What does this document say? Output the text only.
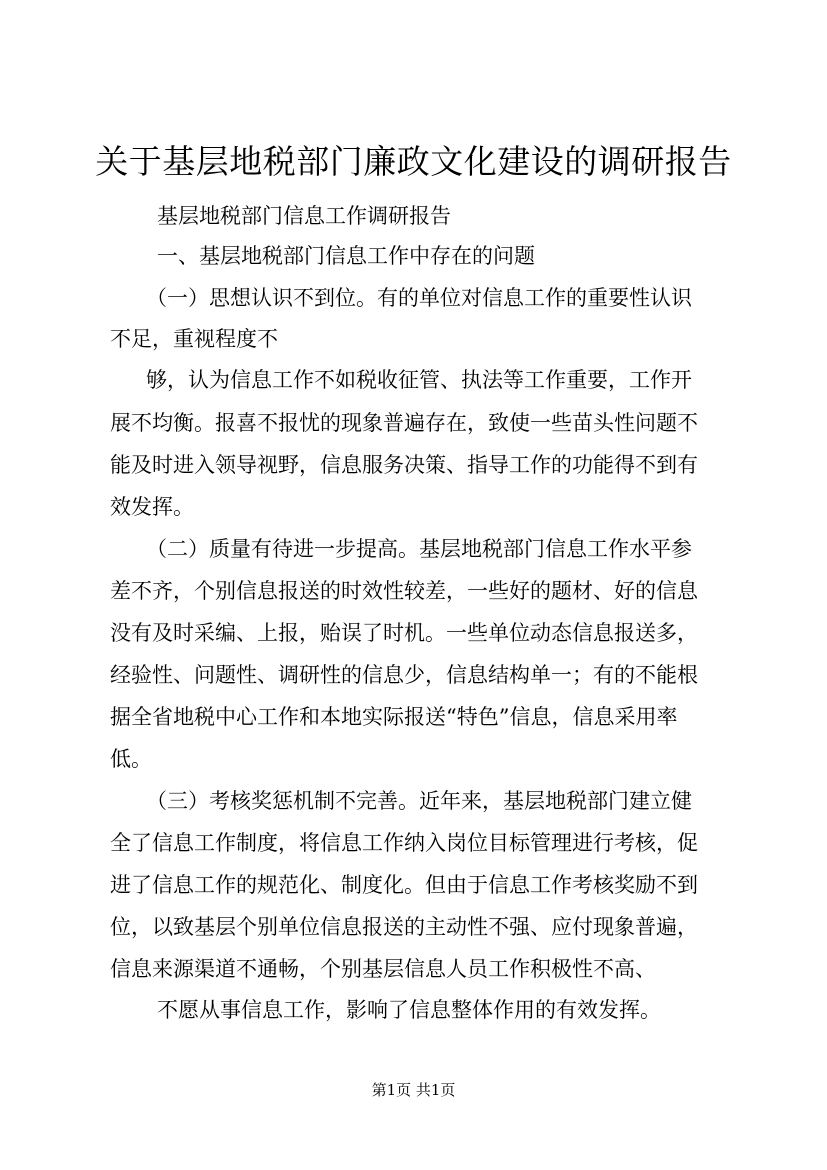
关于基层地税部门廉政文化建设的调研报告
基层地税部门信息工作调研报告
一、基层地税部门信息工作中存在的问题
（一）思想认识不到位。有的单位对信息工作的重要性认识
不足，重视程度不
够，认为信息工作不如税收征管、执法等工作重要，工作开
展不均衡。报喜不报忧的现象普遍存在，致使一些苗头性问题不
能及时进入领导视野，信息服务决策、指导工作的功能得不到有
效发挥。
（二）质量有待进一步提高。基层地税部门信息工作水平参
差不齐，个别信息报送的时效性较差，一些好的题材、好的信息
没有及时采编、上报，贻误了时机。一些单位动态信息报送多，
经验性、问题性、调研性的信息少，信息结构单一；有的不能根
据全省地税中心工作和本地实际报送“特色”信息，信息采用率
低。
（三）考核奖惩机制不完善。近年来，基层地税部门建立健
全了信息工作制度，将信息工作纳入岗位目标管理进行考核，促
进了信息工作的规范化、制度化。但由于信息工作考核奖励不到
位，以致基层个别单位信息报送的主动性不强、应付现象普遍，
信息来源渠道不通畅，个别基层信息人员工作积极性不高、
不愿从事信息工作，影响了信息整体作用的有效发挥。
第1页 共1页
